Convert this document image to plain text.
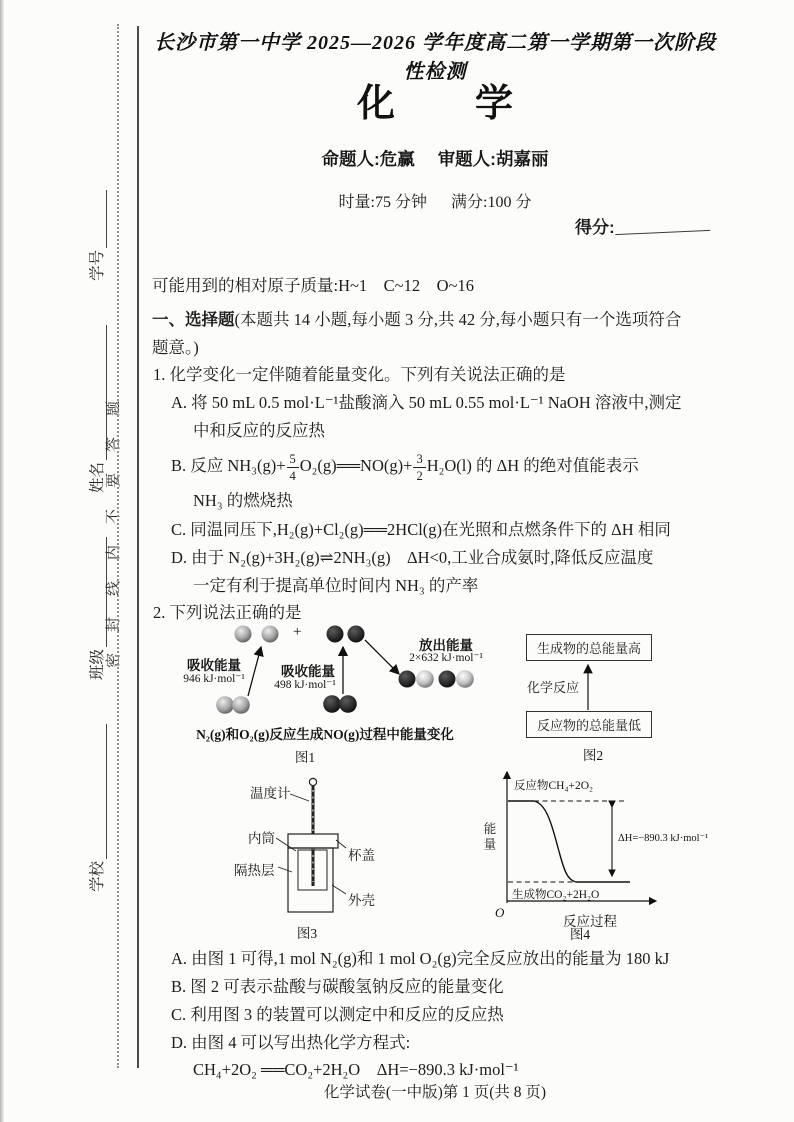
学校
班级
姓名
学号
密封线内不要答题
长沙市第一中学 2025—2026 学年度高二第一学期第一次阶段性检测
化 学
命题人:危赢 审题人:胡嘉丽
时量:75 分钟 满分:100 分
得分:
可能用到的相对原子质量:H~1　C~12　O~16
一、选择题(本题共 14 小题,每小题 3 分,共 42 分,每小题只有一个选项符合
题意。)
1. 化学变化一定伴随着能量变化。下列有关说法正确的是
A. 将 50 mL 0.5 mol·L⁻¹盐酸滴入 50 mL 0.55 mol·L⁻¹ NaOH 溶液中,测定
中和反应的反应热
B. 反应 $NH_3(g)+ \frac{5}{4}$ O₂(g)══NO(g)+ $\frac{3}{2} H_2O(l)$ 的 ΔH 的绝对值能表示
NH₃ 的燃烧热
C. 同温同压下,H₂(g)+Cl₂(g)══2HCl(g)在光照和点燃条件下的 ΔH 相同
D. 由于 N₂(g)+3H₂(g)⇌2NH₃(g)　ΔH<0,工业合成氨时,降低反应温度
一定有利于提高单位时间内 NH₃ 的产率
2. 下列说法正确的是
+
吸收能量
946 kJ·mol⁻¹	吸收能量
498 kJ·mol⁻¹
放出能量
2×632 kJ·mol⁻¹
N₂(g)和O₂(g)反应生成NO(g)过程中能量变化
图1
生成物的总能量高
化学反应
反应物的总能量低
图2
温度计
内筒
隔热层
杯盖
外壳
图3
反应物CH₄+2O₂
ΔH=−890.3 kJ·mol⁻¹
生成物CO₂+2H₂O
能量
O
反应过程
图4
A. 由图 1 可得,1 mol N₂(g)和 1 mol O₂(g)完全反应放出的能量为 180 kJ
B. 图 2 可表示盐酸与碳酸氢钠反应的能量变化
C. 利用图 3 的装置可以测定中和反应的反应热
D. 由图 4 可以写出热化学方程式:
CH₄+2O₂ ══CO₂+2H₂O　ΔH=−890.3 kJ·mol⁻¹
化学试卷(一中版)第 1 页(共 8 页)
